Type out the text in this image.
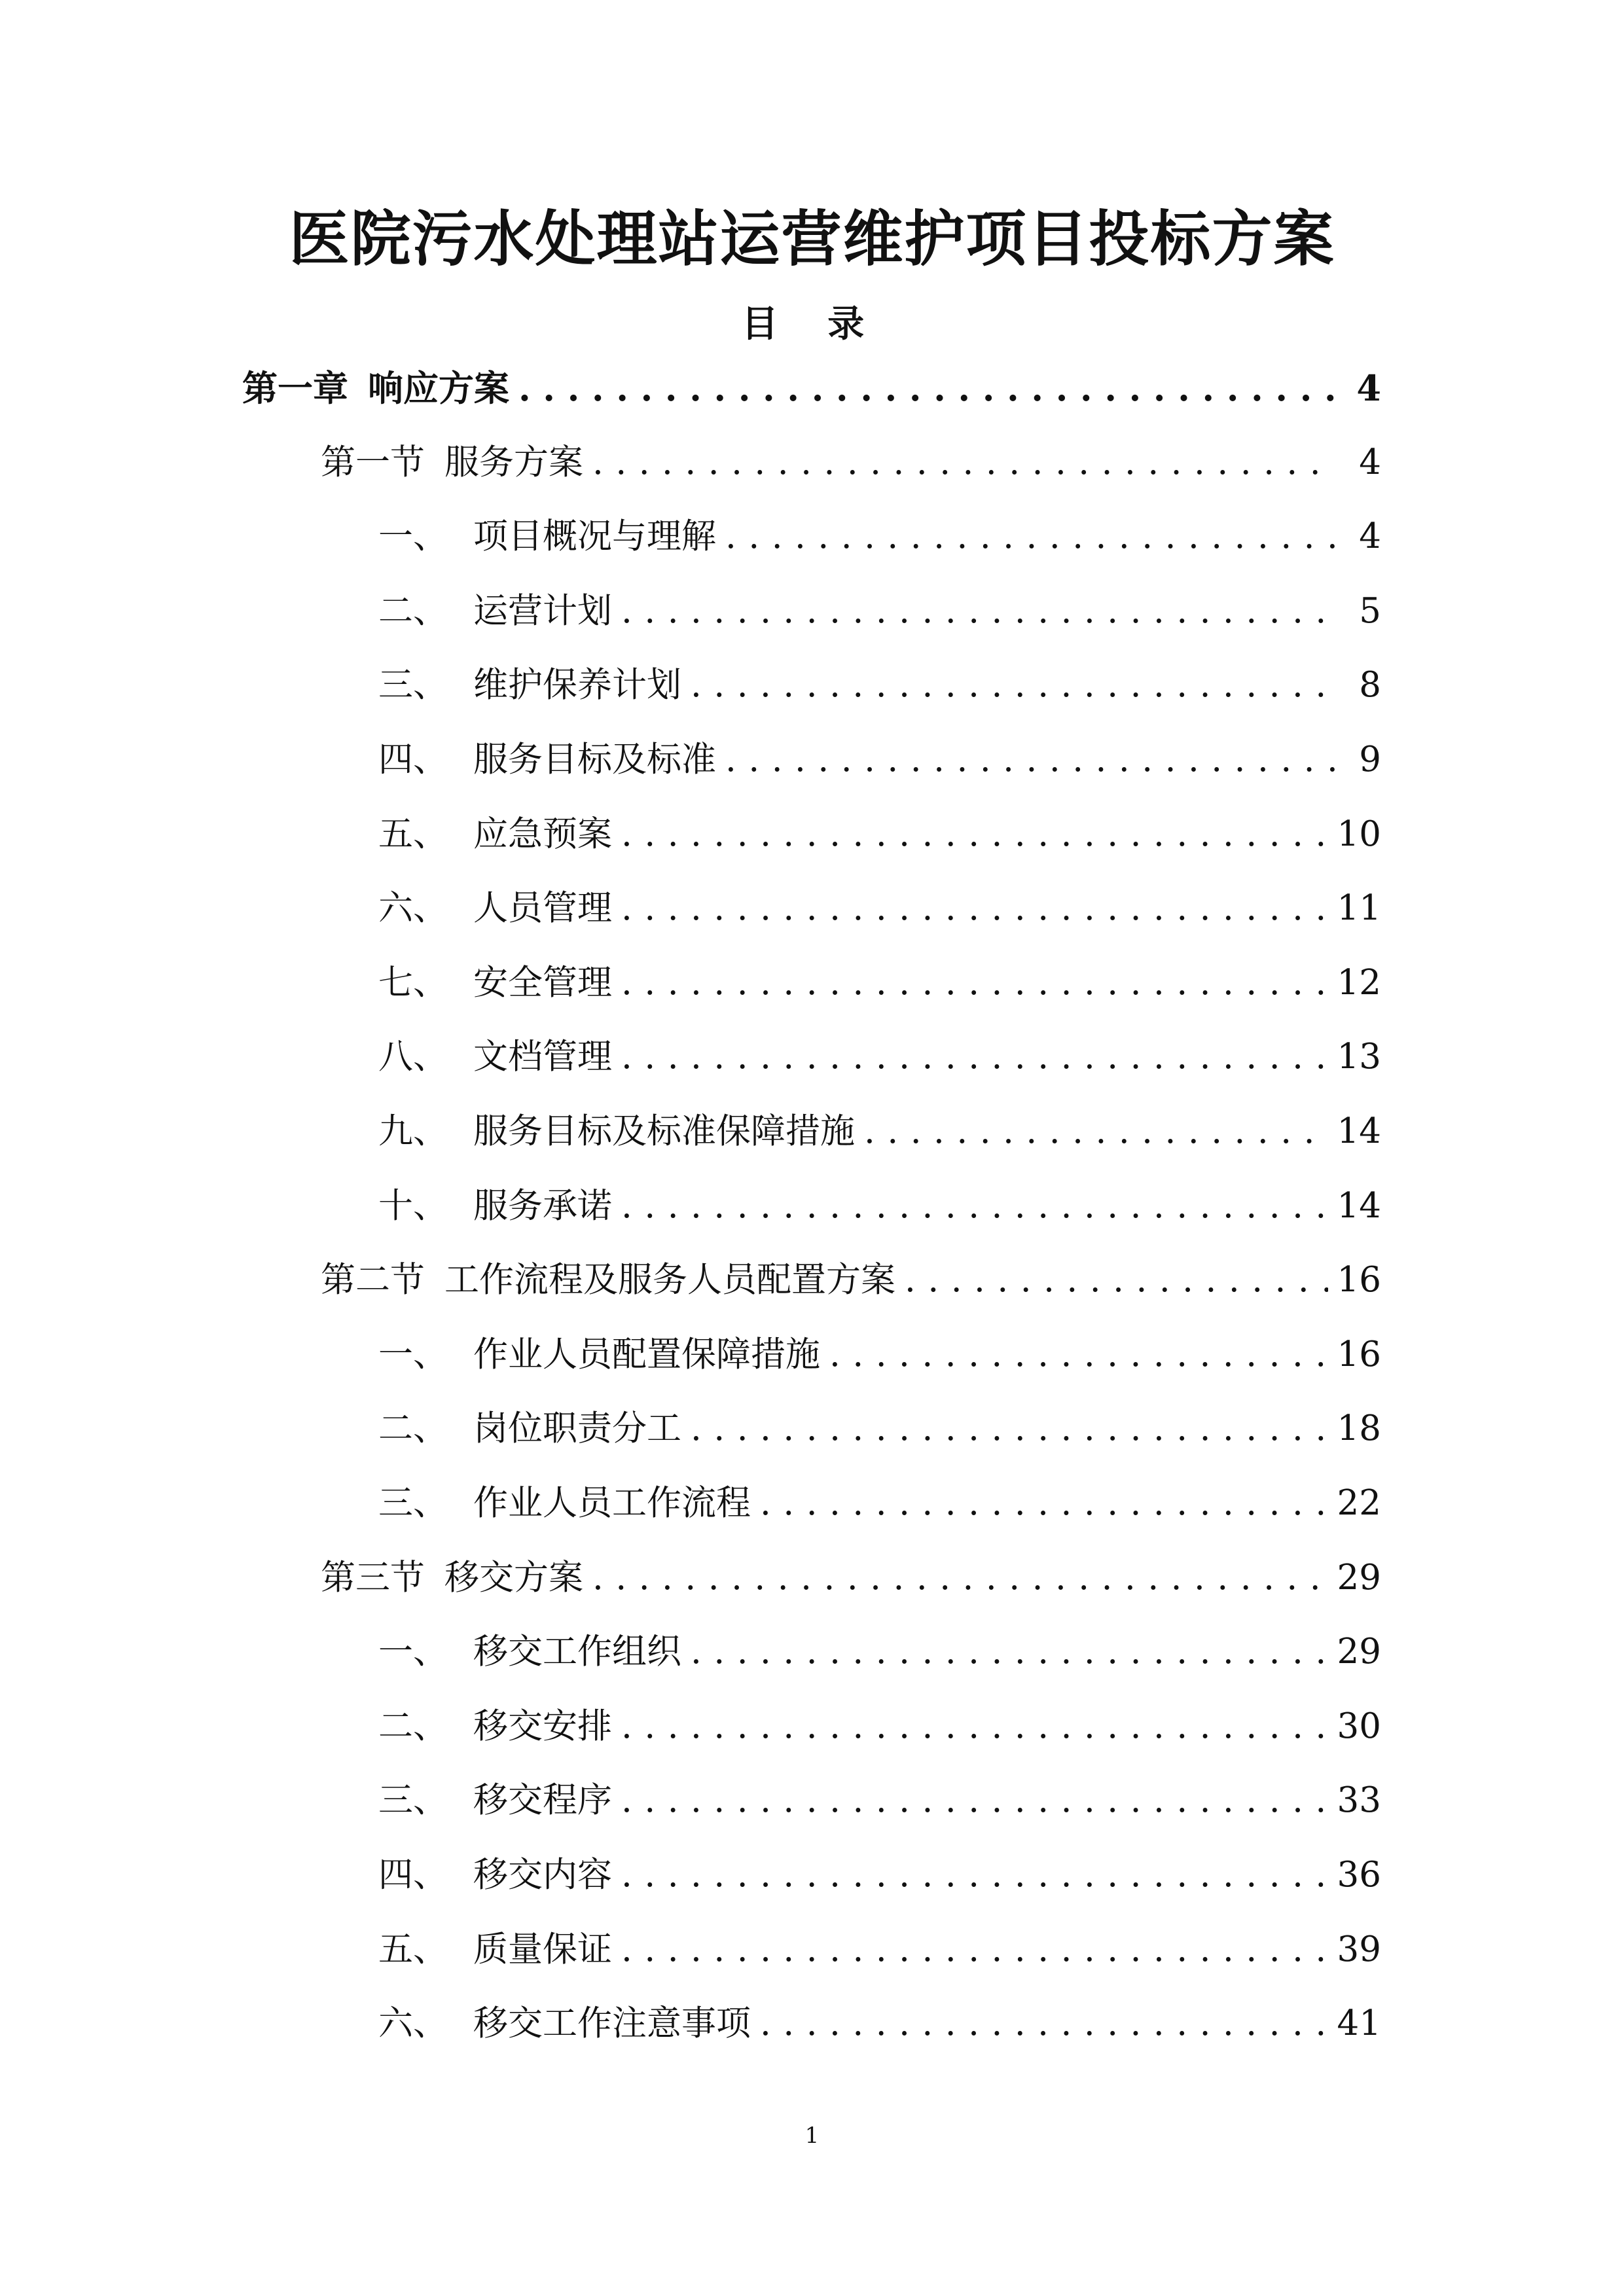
医院污水处理站运营维护项目投标方案
目 录
第一章 响应方案 .....	4
第一节 服务方案 .....	4
一、 项目概况与理解 .....	4
二、 运营计划 .....	5
三、 维护保养计划 .....	8
四、 服务目标及标准 .....	9
五、 应急预案 .....	10
六、 人员管理 .....	11
七、 安全管理 .....	12
八、 文档管理 .....	13
九、 服务目标及标准保障措施 .....	14
十、 服务承诺 .....	14
第二节 工作流程及服务人员配置方案 .....	16
一、 作业人员配置保障措施 .....	16
二、 岗位职责分工 .....	18
三、 作业人员工作流程 .....	22
第三节 移交方案 .....	29
一、 移交工作组织 .....	29
二、 移交安排 .....	30
三、 移交程序 .....	33
四、 移交内容 .....	36
五、 质量保证 .....	39
六、 移交工作注意事项 .....	41
1
